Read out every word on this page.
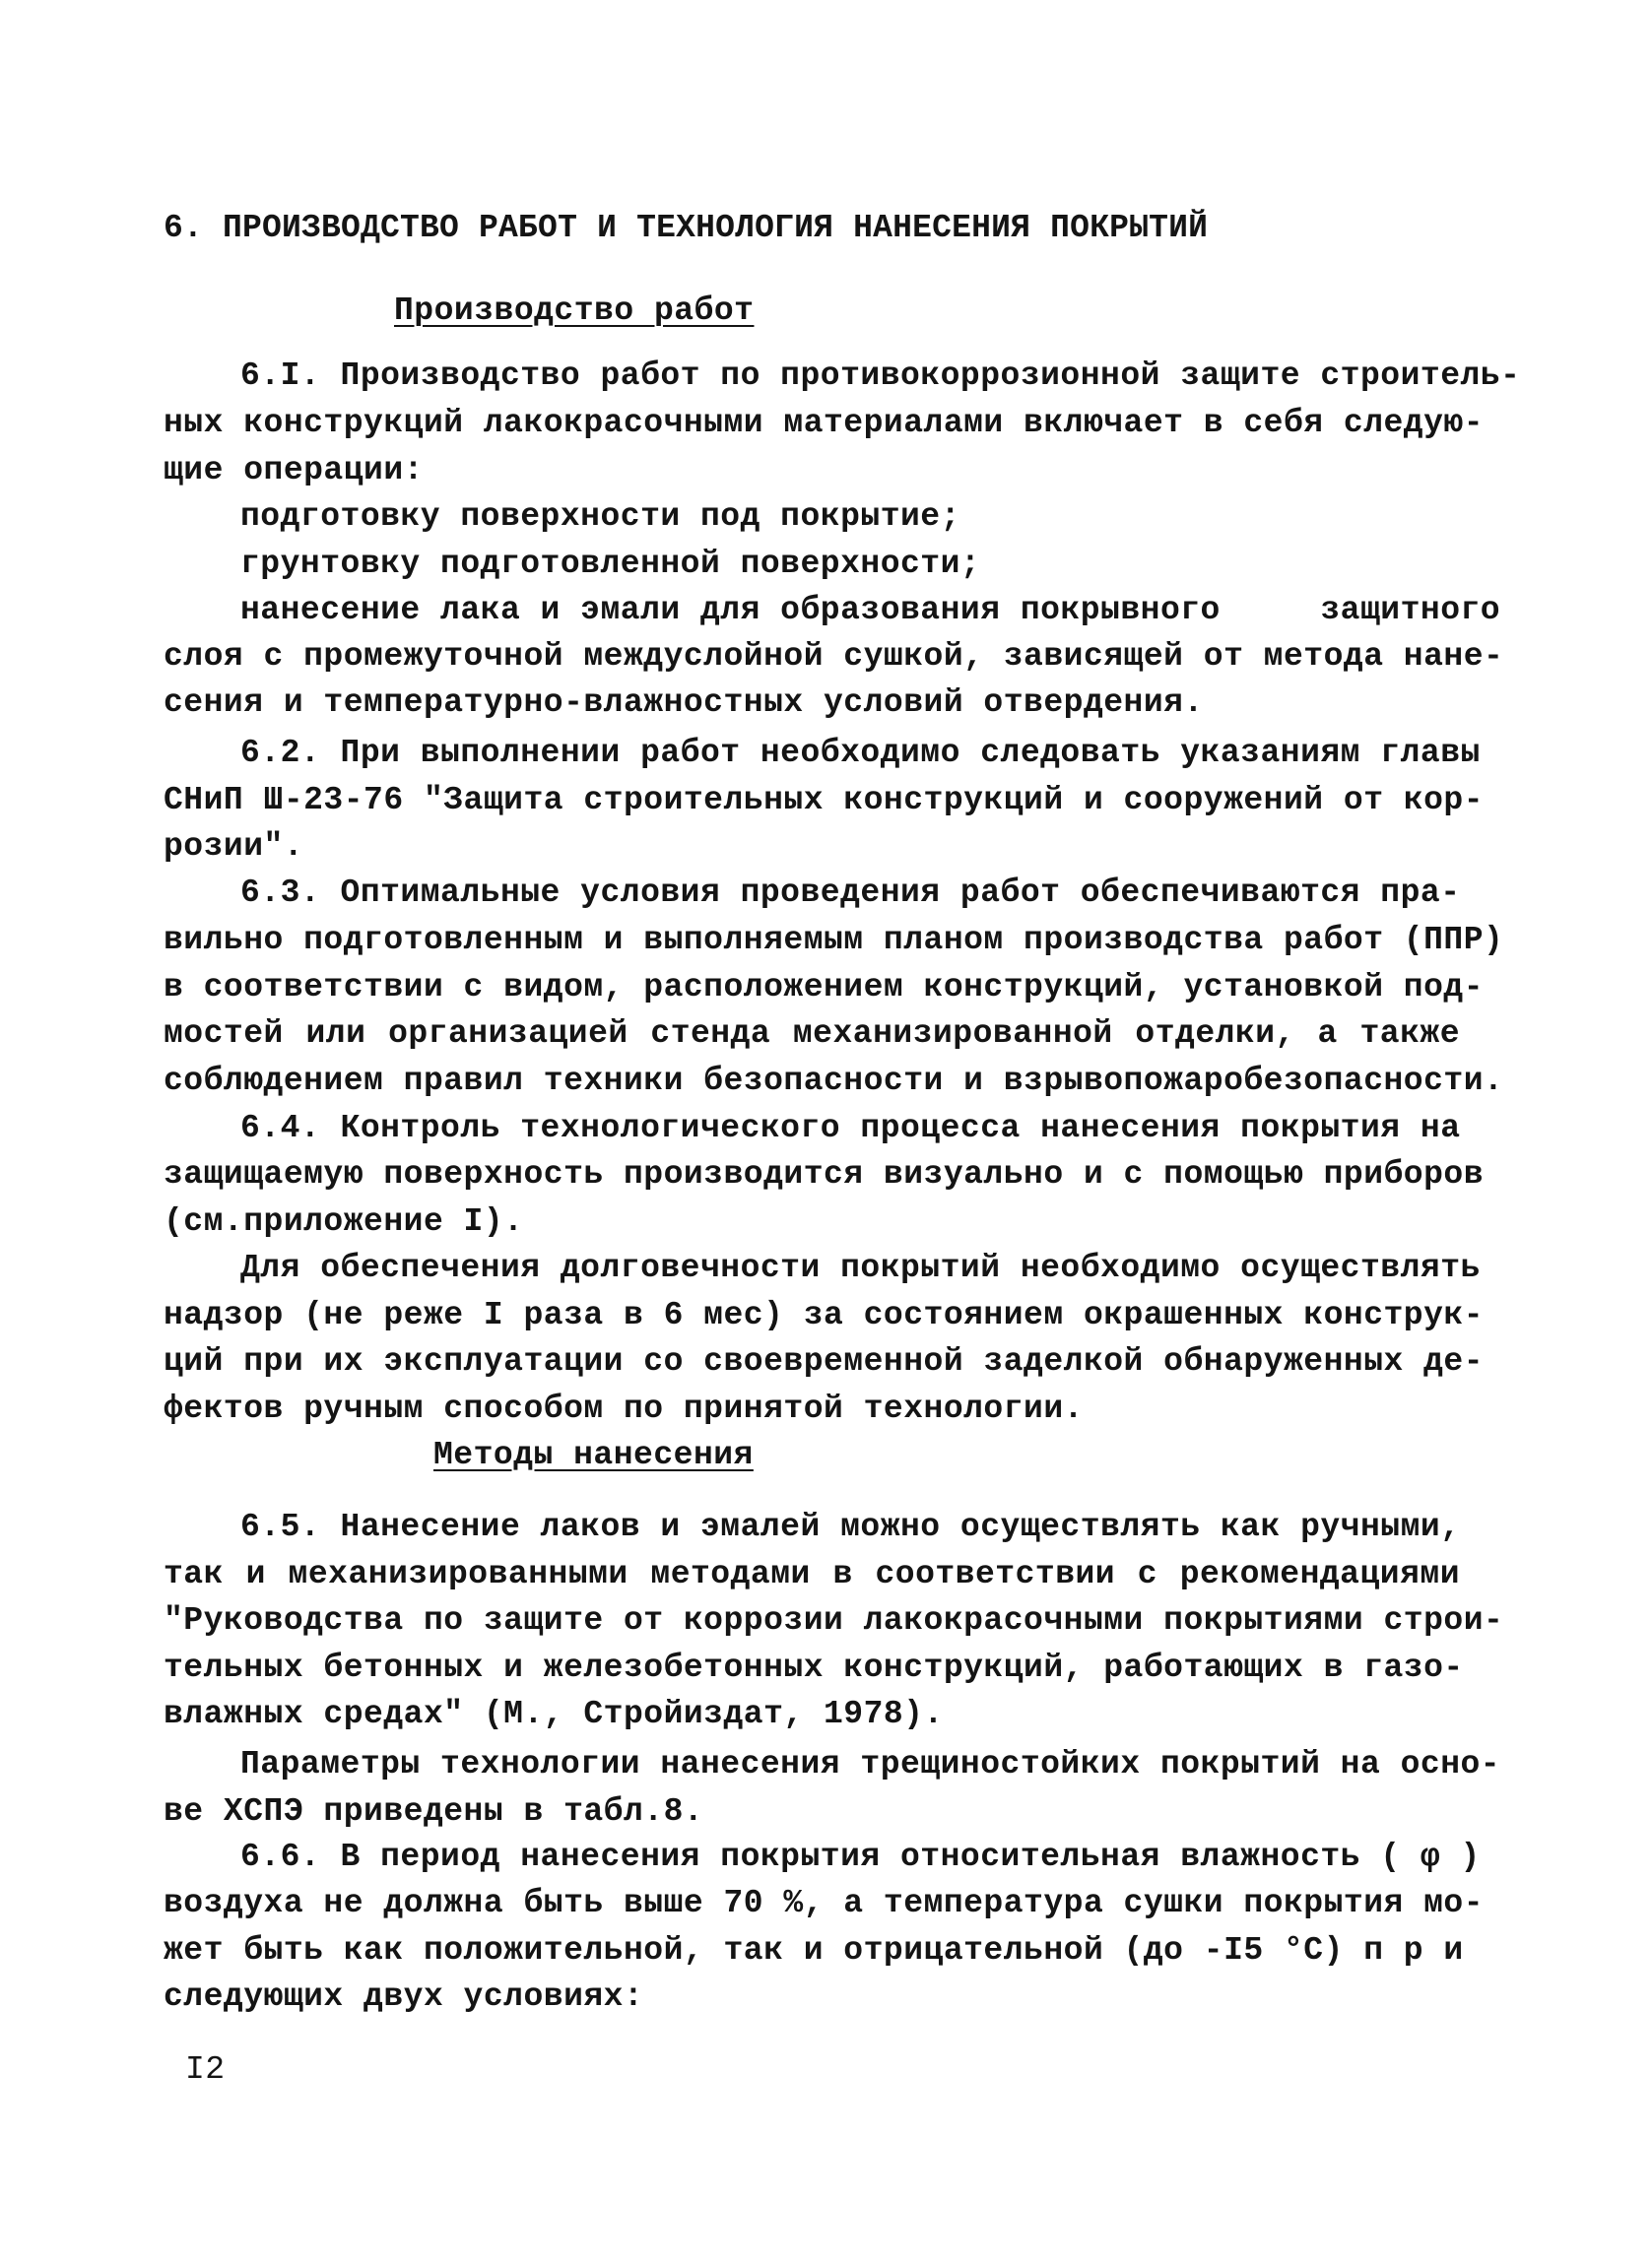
6. ПРОИЗВОДСТВО РАБОТ И ТЕХНОЛОГИЯ НАНЕСЕНИЯ ПОКРЫТИЙ
Производство работ
6.I. Производство работ по противокоррозионной защите строитель-
ных конструкций лакокрасочными материалами включает в себя следую-
щие операции:
подготовку поверхности под покрытие;
грунтовку подготовленной поверхности;
нанесение лака и эмали для образования покрывного     защитного
слоя с промежуточной междуслойной сушкой, зависящей от метода нане-
сения и температурно-влажностных условий отвердения.
6.2. При выполнении работ необходимо следовать указаниям главы
СНиП Ш-23-76 "Защита строительных конструкций и сооружений от кор-
розии".
6.3. Оптимальные условия проведения работ обеспечиваются пра-
вильно подготовленным и выполняемым планом производства работ (ППР)
в соответствии с видом, расположением конструкций, установкой под-
мостей или организацией стенда механизированной отделки, а также
соблюдением правил техники безопасности и взрывопожаробезопасности.
6.4. Контроль технологического процесса нанесения покрытия на
защищаемую поверхность производится визуально и с помощью приборов
(см.приложение I).
Для обеспечения долговечности покрытий необходимо осуществлять
надзор (не реже I раза в 6 мес) за состоянием окрашенных конструк-
ций при их эксплуатации со своевременной заделкой обнаруженных де-
фектов ручным способом по принятой технологии.
Методы нанесения
6.5. Нанесение лаков и эмалей можно осуществлять как ручными,
так и механизированными методами в соответствии с рекомендациями
"Руководства по защите от коррозии лакокрасочными покрытиями строи-
тельных бетонных и железобетонных конструкций, работающих в газо-
влажных средах" (М., Стройиздат, 1978).
Параметры технологии нанесения трещиностойких покрытий на осно-
ве ХСПЭ приведены в табл.8.
6.6. В период нанесения покрытия относительная влажность ( φ )
воздуха не должна быть выше 70 %, а температура сушки покрытия мо-
жет быть как положительной, так и отрицательной (до -I5 °С) п р и
следующих двух условиях:
I2
